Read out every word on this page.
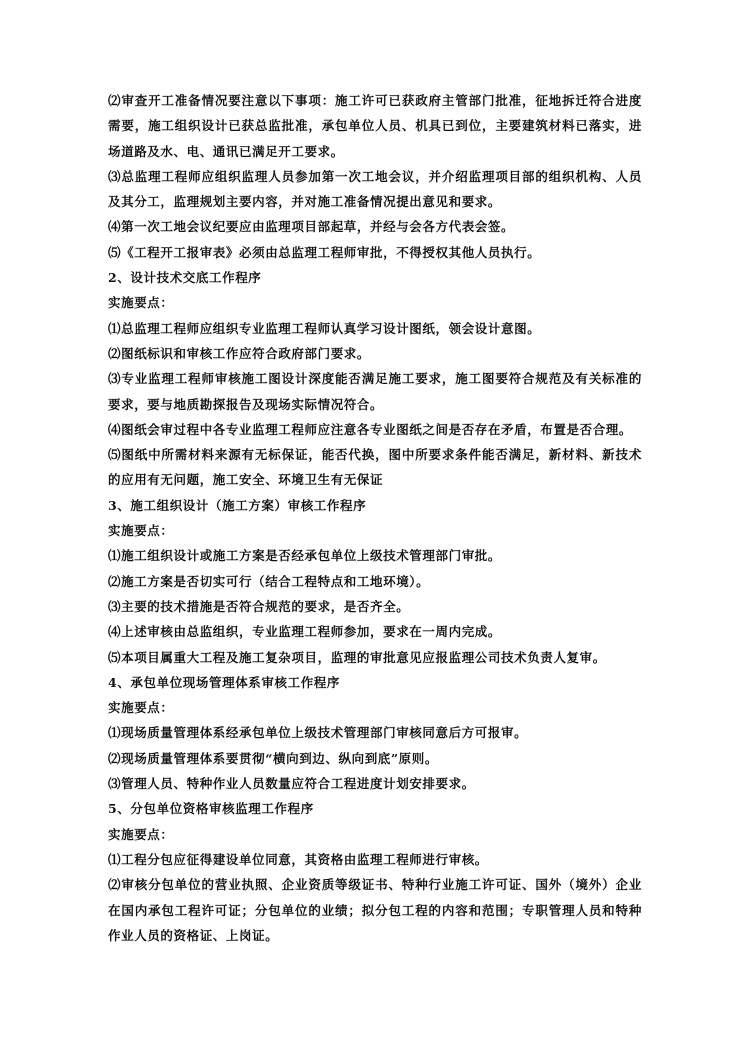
⑵审查开工准备情况要注意以下事项：施工许可已获政府主管部门批准，征地拆迁符合进度需要，施工组织设计已获总监批准，承包单位人员、机具已到位，主要建筑材料已落实，进场道路及水、电、通讯已满足开工要求。

⑶总监理工程师应组织监理人员参加第一次工地会议，并介绍监理项目部的组织机构、人员及其分工，监理规划主要内容，并对施工准备情况提出意见和要求。

⑷第一次工地会议纪要应由监理项目部起草，并经与会各方代表会签。

⑸《工程开工报审表》必须由总监理工程师审批，不得授权其他人员执行。

2、设计技术交底工作程序

实施要点：

⑴总监理工程师应组织专业监理工程师认真学习设计图纸，领会设计意图。

⑵图纸标识和审核工作应符合政府部门要求。

⑶专业监理工程师审核施工图设计深度能否满足施工要求，施工图要符合规范及有关标准的要求，要与地质勘探报告及现场实际情况符合。

⑷图纸会审过程中各专业监理工程师应注意各专业图纸之间是否存在矛盾，布置是否合理。

⑸图纸中所需材料来源有无标保证，能否代换，图中所要求条件能否满足，新材料、新技术的应用有无问题，施工安全、环境卫生有无保证

3、施工组织设计（施工方案）审核工作程序

实施要点：

⑴施工组织设计或施工方案是否经承包单位上级技术管理部门审批。

⑵施工方案是否切实可行（结合工程特点和工地环境）。

⑶主要的技术措施是否符合规范的要求，是否齐全。

⑷上述审核由总监组织，专业监理工程师参加，要求在一周内完成。

⑸本项目属重大工程及施工复杂项目，监理的审批意见应报监理公司技术负责人复审。

4、承包单位现场管理体系审核工作程序

实施要点：

⑴现场质量管理体系经承包单位上级技术管理部门审核同意后方可报审。

⑵现场质量管理体系要贯彻“横向到边、纵向到底”原则。

⑶管理人员、特种作业人员数量应符合工程进度计划安排要求。

5、分包单位资格审核监理工作程序

实施要点：

⑴工程分包应征得建设单位同意，其资格由监理工程师进行审核。

⑵审核分包单位的营业执照、企业资质等级证书、特种行业施工许可证、国外（境外）企业在国内承包工程许可证；分包单位的业绩；拟分包工程的内容和范围；专职管理人员和特种作业人员的资格证、上岗证。
